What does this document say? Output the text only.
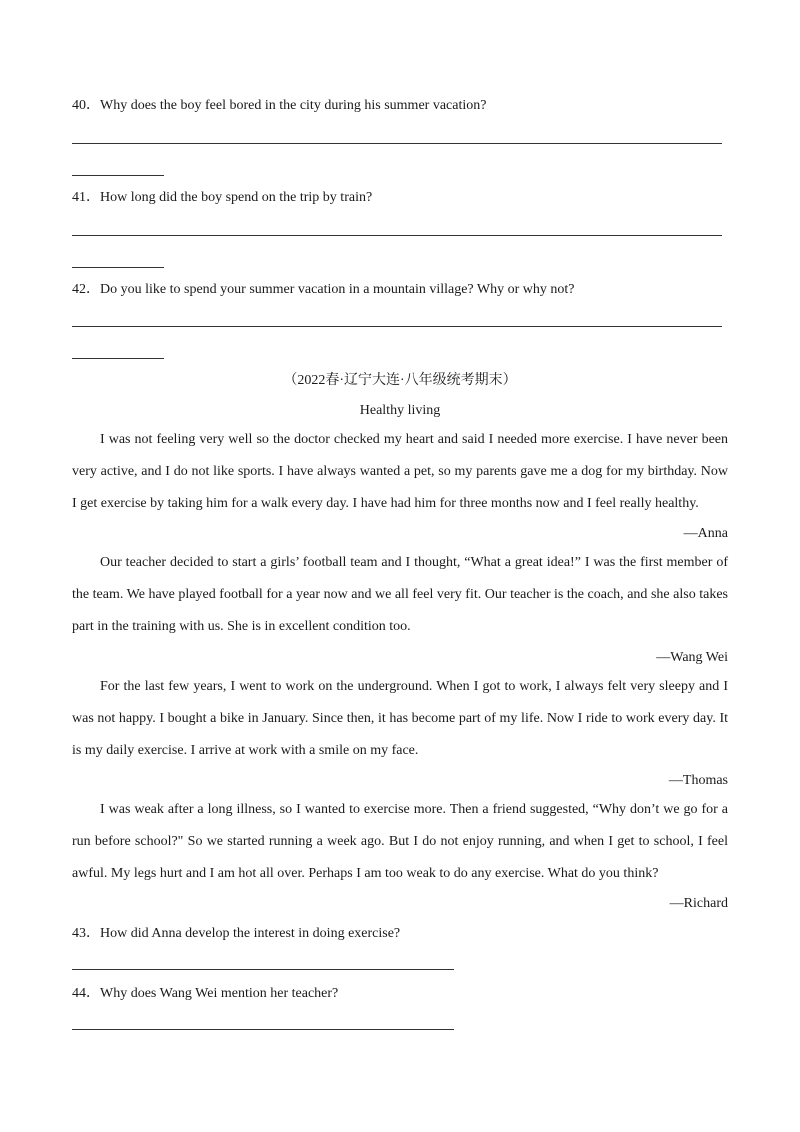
40．Why does the boy feel bored in the city during his summer vacation?
41．How long did the boy spend on the trip by train?
42．Do you like to spend your summer vacation in a mountain village? Why or why not?
（2022春·辽宁大连·八年级统考期末）
Healthy living

I was not feeling very well so the doctor checked my heart and said I needed more exercise. I have never been very active, and I do not like sports. I have always wanted a pet, so my parents gave me a dog for my birthday. Now I get exercise by taking him for a walk every day. I have had him for three months now and I feel really healthy.

—Anna

Our teacher decided to start a girls’ football team and I thought, “What a great idea!” I was the first member of the team. We have played football for a year now and we all feel very fit. Our teacher is the coach, and she also takes part in the training with us. She is in excellent condition too.

—Wang Wei

For the last few years, I went to work on the underground. When I got to work, I always felt very sleepy and I was not happy. I bought a bike in January. Since then, it has become part of my life. Now I ride to work every day. It is my daily exercise. I arrive at work with a smile on my face.

—Thomas

I was weak after a long illness, so I wanted to exercise more. Then a friend suggested, “Why don’t we go for a run before school?" So we started running a week ago. But I do not enjoy running, and when I get to school, I feel awful. My legs hurt and I am hot all over. Perhaps I am too weak to do any exercise. What do you think?

—Richard
43．How did Anna develop the interest in doing exercise?
44．Why does Wang Wei mention her teacher?
